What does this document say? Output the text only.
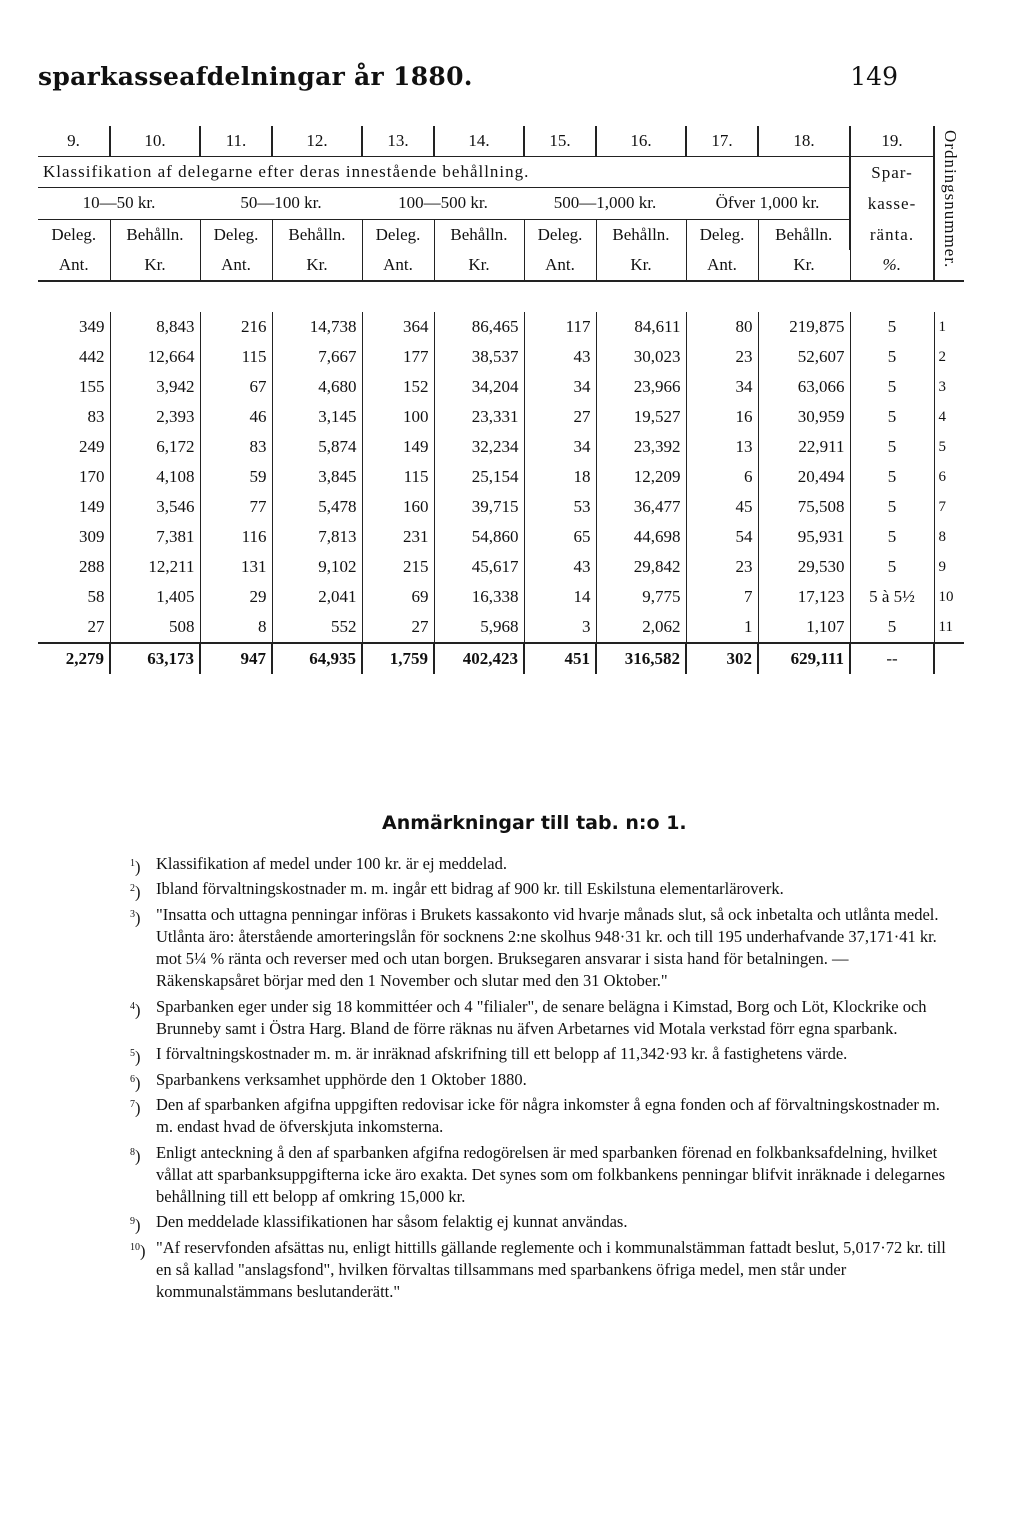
sparkasseafdelningar år 1880.	149
9.	10.	11.	12.	13.	14.	15.	16.	17.	18.	19.	Ordningsnummer.

Klassifikation af delegarne efter deras innestående behållning.										Spar-
kasse-
ränta.	
10—50 kr.		50—100 kr.		100—500 kr.		500—1,000 kr.		Öfver 1,000 kr.			
Deleg.	Behålln.	Deleg.	Behålln.	Deleg.	Behålln.	Deleg.	Behålln.	Deleg.	Behålln.		
Ant.	Kr.	Ant.	Kr.	Ant.	Kr.	Ant.	Kr.	Ant.	Kr.	%.	

349	8,843	216	14,738	364	86,465	117	84,611	80	219,875	5	1
442	12,664	115	7,667	177	38,537	43	30,023	23	52,607	5	2
155	3,942	67	4,680	152	34,204	34	23,966	34	63,066	5	3
83	2,393	46	3,145	100	23,331	27	19,527	16	30,959	5	4
249	6,172	83	5,874	149	32,234	34	23,392	13	22,911	5	5
170	4,108	59	3,845	115	25,154	18	12,209	6	20,494	5	6
149	3,546	77	5,478	160	39,715	53	36,477	45	75,508	5	7
309	7,381	116	7,813	231	54,860	65	44,698	54	95,931	5	8
288	12,211	131	9,102	215	45,617	43	29,842	23	29,530	5	9
58	1,405	29	2,041	69	16,338	14	9,775	7	17,123	5 à 5½	10
27	508	8	552	27	5,968	3	2,062	1	1,107	5	11
2,279	63,173	947	64,935	1,759	402,423	451	316,582	302	629,111	--	
Anmärkningar till tab. n:o 1.
$^1$) Klassifikation af medel under 100 kr. är ej meddelad.
$^2$) Ibland förvaltningskostnader m. m. ingår ett bidrag af 900 kr. till Eskilstuna elementarläroverk.
$^3$) "Insatta och uttagna penningar införas i Brukets kassakonto vid hvarje månads slut, så ock inbetalta och utlånta medel. Utlånta äro: återstående amorteringslån för socknens 2:ne skolhus 948·31 kr. och till 195 underhafvande 37,171·41 kr. mot 5¼ % ränta och reverser med och utan borgen. Bruksegaren ansvarar i sista hand för betalningen. — Räkenskapsåret börjar med den 1 November och slutar med den 31 Oktober."
$^4$) Sparbanken eger under sig 18 kommittéer och 4 "filialer", de senare belägna i Kimstad, Borg och Löt, Klockrike och Brunneby samt i Östra Harg. Bland de förre räknas nu äfven Arbetarnes vid Motala verkstad förr egna sparbank.
$^5$) I förvaltningskostnader m. m. är inräknad afskrifning till ett belopp af 11,342·93 kr. å fastighetens värde.
$^6$) Sparbankens verksamhet upphörde den 1 Oktober 1880.
$^7$) Den af sparbanken afgifna uppgiften redovisar icke för några inkomster å egna fonden och af förvaltningskostnader m. m. endast hvad de öfverskjuta inkomsterna.
$^8$) Enligt anteckning å den af sparbanken afgifna redogörelsen är med sparbanken förenad en folkbanksafdelning, hvilket vållat att sparbanksuppgifterna icke äro exakta. Det synes som om folkbankens penningar blifvit inräknade i delegarnes behållning till ett belopp af omkring 15,000 kr.
$^9$) Den meddelade klassifikationen har såsom felaktig ej kunnat användas.
$^{10}$) "Af reservfonden afsättas nu, enligt hittills gällande reglemente och i kommunalstämman fattadt beslut, 5,017·72 kr. till en så kallad "anslagsfond", hvilken förvaltas tillsammans med sparbankens öfriga medel, men står under kommunalstämmans beslutanderätt."
